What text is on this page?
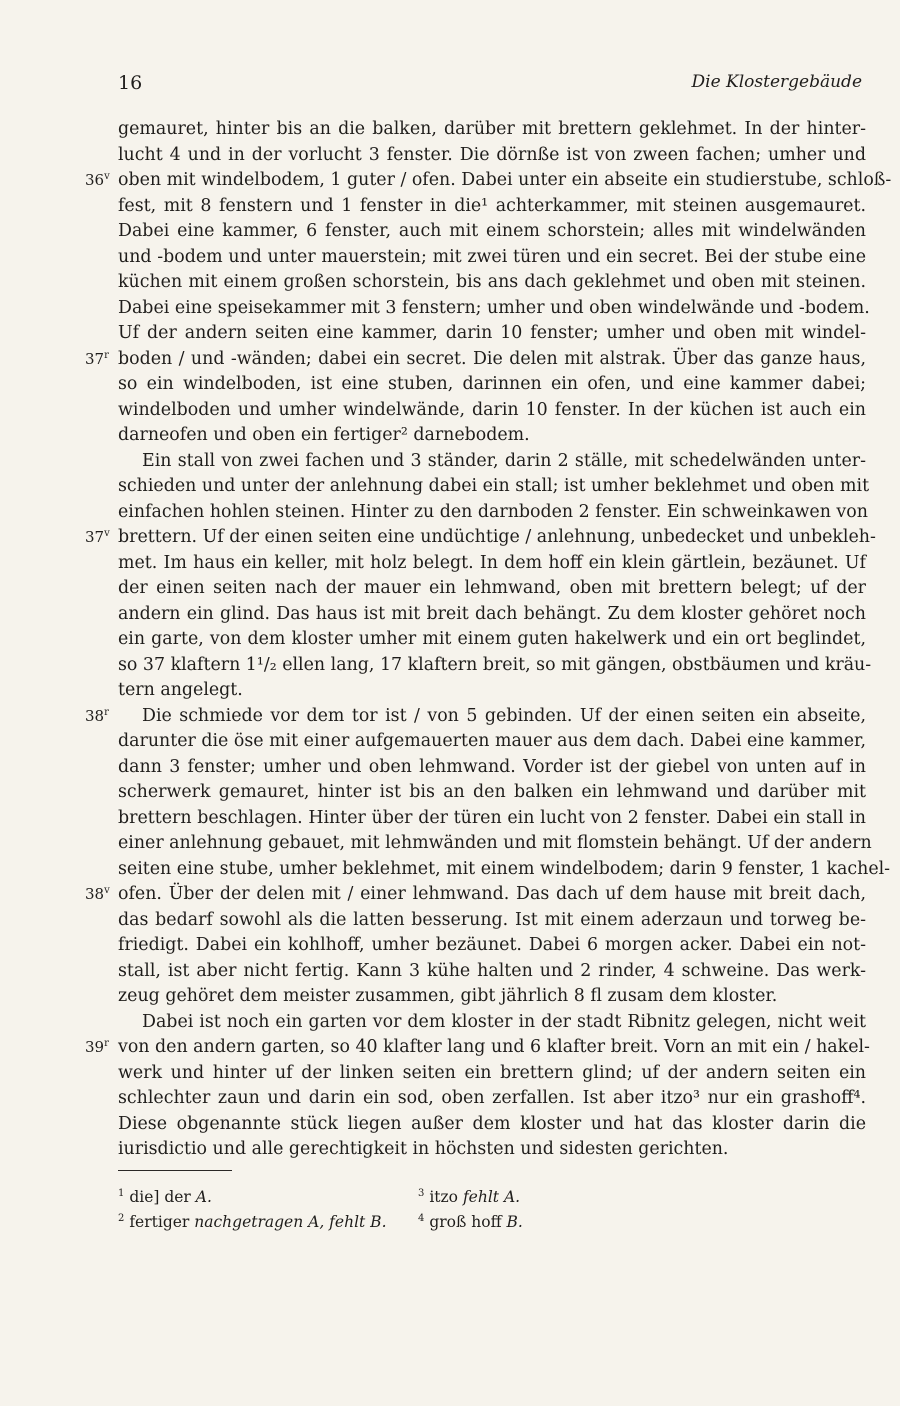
16	Die Klostergebäude
36$^v$
37$^r$
37$^v$
38$^r$
38$^v$
39$^r$
gemauret, hinter bis an die balken, darüber mit brettern geklehmet. In der hinter-
lucht 4 und in der vorlucht 3 fenster. Die dörnße ist von zween fachen; umher und
oben mit windelbodem, 1 guter / ofen. Dabei unter ein abseite ein studierstube, schloß-
fest, mit 8 fenstern und 1 fenster in die¹ achterkammer, mit steinen ausgemauret.
Dabei eine kammer, 6 fenster, auch mit einem schorstein; alles mit windelwänden
und -bodem und unter mauerstein; mit zwei türen und ein secret. Bei der stube eine
küchen mit einem großen schorstein, bis ans dach geklehmet und oben mit steinen.
Dabei eine speisekammer mit 3 fenstern; umher und oben windelwände und -bodem.
Uf der andern seiten eine kammer, darin 10 fenster; umher und oben mit windel-
boden / und -wänden; dabei ein secret. Die delen mit alstrak. Über das ganze haus,
so ein windelboden, ist eine stuben, darinnen ein ofen, und eine kammer dabei;
windelboden und umher windelwände, darin 10 fenster. In der küchen ist auch ein
darneofen und oben ein fertiger² darnebodem.
Ein stall von zwei fachen und 3 ständer, darin 2 ställe, mit schedelwänden unter-
schieden und unter der anlehnung dabei ein stall; ist umher beklehmet und oben mit
einfachen hohlen steinen. Hinter zu den darnboden 2 fenster. Ein schweinkawen von
brettern. Uf der einen seiten eine undüchtige / anlehnung, unbedecket und unbekleh-
met. Im haus ein keller, mit holz belegt. In dem hoff ein klein gärtlein, bezäunet. Uf
der einen seiten nach der mauer ein lehmwand, oben mit brettern belegt; uf der
andern ein glind. Das haus ist mit breit dach behängt. Zu dem kloster gehöret noch
ein garte, von dem kloster umher mit einem guten hakelwerk und ein ort beglindet,
so 37 klaftern 1¹/₂ ellen lang, 17 klaftern breit, so mit gängen, obstbäumen und kräu-
tern angelegt.
Die schmiede vor dem tor ist / von 5 gebinden. Uf der einen seiten ein abseite,
darunter die öse mit einer aufgemauerten mauer aus dem dach. Dabei eine kammer,
dann 3 fenster; umher und oben lehmwand. Vorder ist der giebel von unten auf in
scherwerk gemauret, hinter ist bis an den balken ein lehmwand und darüber mit
brettern beschlagen. Hinter über der türen ein lucht von 2 fenster. Dabei ein stall in
einer anlehnung gebauet, mit lehmwänden und mit flomstein behängt. Uf der andern
seiten eine stube, umher beklehmet, mit einem windelbodem; darin 9 fenster, 1 kachel-
ofen. Über der delen mit / einer lehmwand. Das dach uf dem hause mit breit dach,
das bedarf sowohl als die latten besserung. Ist mit einem aderzaun und torweg be-
friedigt. Dabei ein kohlhoff, umher bezäunet. Dabei 6 morgen acker. Dabei ein not-
stall, ist aber nicht fertig. Kann 3 kühe halten und 2 rinder, 4 schweine. Das werk-
zeug gehöret dem meister zusammen, gibt jährlich 8 fl zusam dem kloster.
Dabei ist noch ein garten vor dem kloster in der stadt Ribnitz gelegen, nicht weit
von den andern garten, so 40 klafter lang und 6 klafter breit. Vorn an mit ein / hakel-
werk und hinter uf der linken seiten ein brettern glind; uf der andern seiten ein
schlechter zaun und darin ein sod, oben zerfallen. Ist aber itzo³ nur ein grashoff⁴.
Diese obgenannte stück liegen außer dem kloster und hat das kloster darin die
iurisdictio und alle gerechtigkeit in höchsten und sidesten gerichten.
$^1$ die] der A.
$^2$ fertiger nachgetragen A, fehlt B.
$^3$ itzo fehlt A.
$^4$ groß hoff B.
